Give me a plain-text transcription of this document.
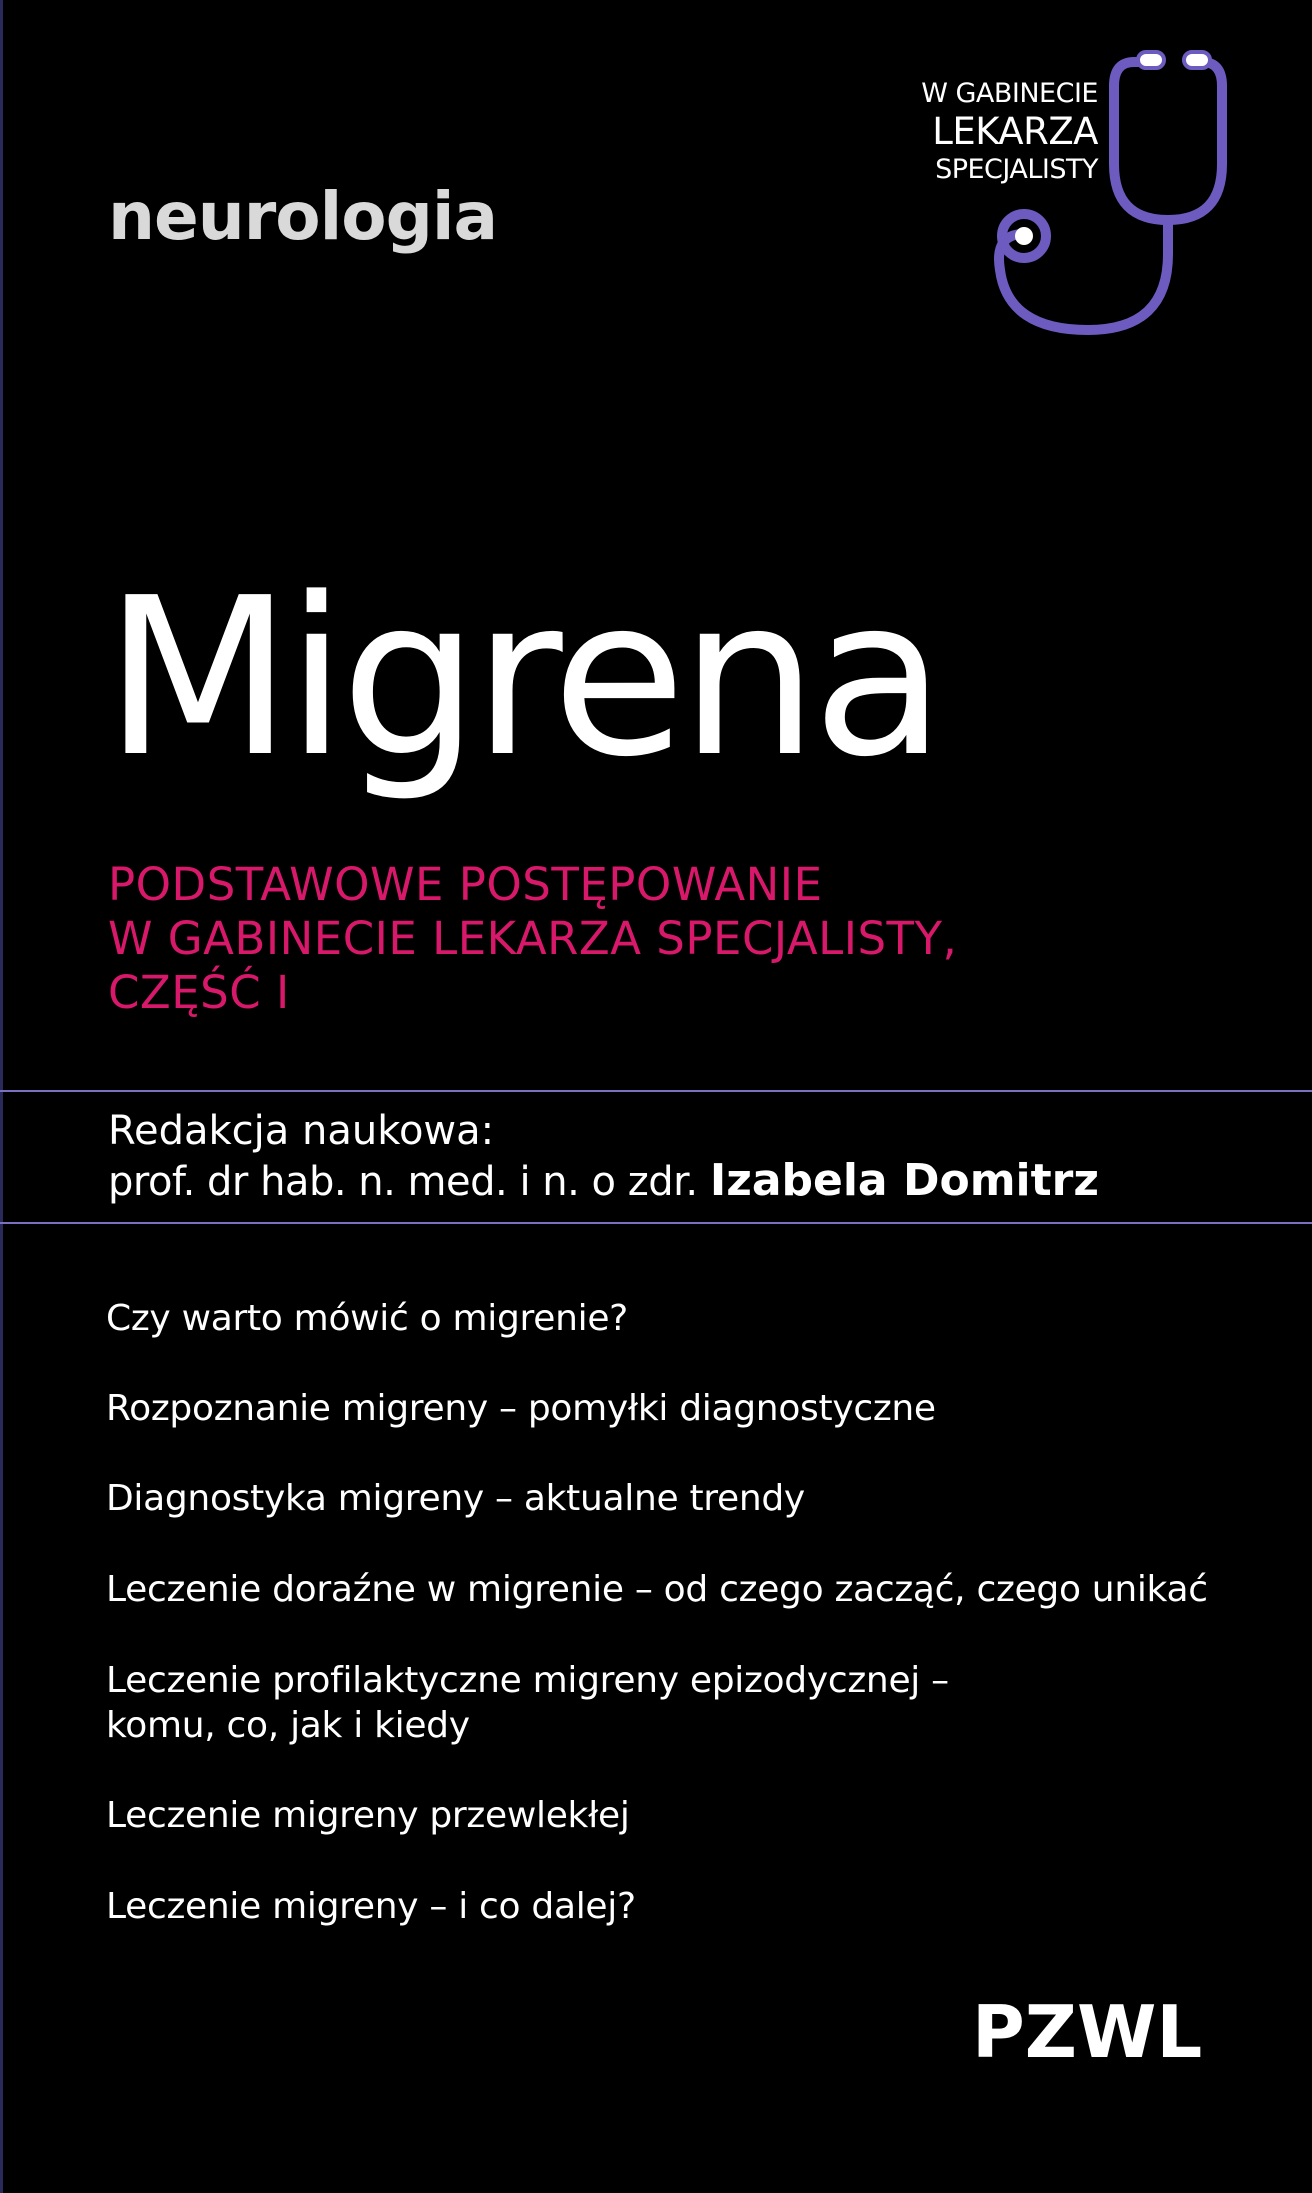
neurologia
W GABINECIE
LEKARZA
SPECJALISTY
Migrena
PODSTAWOWE POSTĘPOWANIE
W GABINECIE LEKARZA SPECJALISTY,
CZĘŚĆ I
Redakcja naukowa:
prof. dr hab. n. med. i n. o zdr. Izabela Domitrz
Czy warto mówić o migrenie?
Rozpoznanie migreny – pomyłki diagnostyczne
Diagnostyka migreny – aktualne trendy
Leczenie doraźne w migrenie – od czego zacząć, czego unikać
Leczenie profilaktyczne migreny epizodycznej –
komu, co, jak i kiedy
Leczenie migreny przewlekłej
Leczenie migreny – i co dalej?
PZWL
